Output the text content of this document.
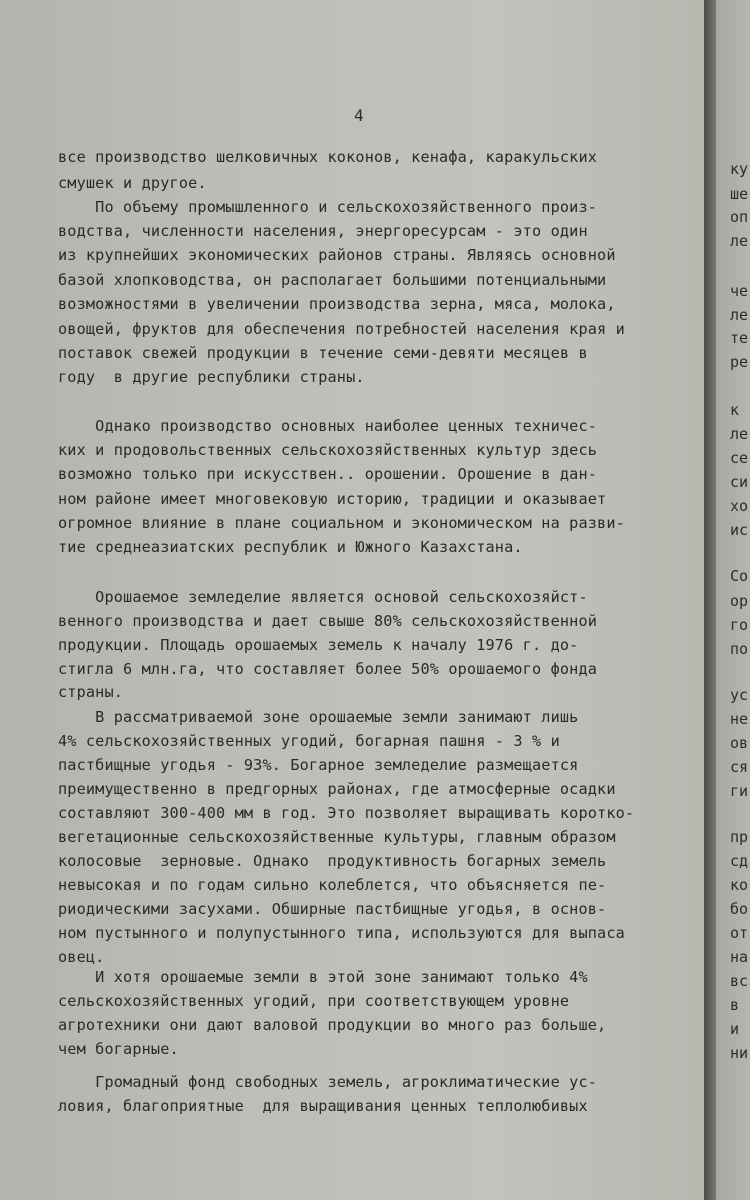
4
все производство шелковичных коконов, кенафа, каракульских
смушек и другое.
По объему промышленного и сельскохозяйственного произ-
водства, численности населения, энергоресурсам - это один
из крупнейших экономических районов страны. Являясь основной
базой хлопководства, он располагает большими потенциальными
возможностями в увеличении производства зерна, мяса, молока,
овощей, фруктов для обеспечения потребностей населения края и
поставок свежей продукции в течение семи-девяти месяцев в
году  в другие республики страны.
Однако производство основных наиболее ценных техничес-
ких и продовольственных сельскохозяйственных культур здесь
возможно только при искусствен.. орошении. Орошение в дан-
ном районе имеет многовековую историю, традиции и оказывает
огромное влияние в плане социальном и экономическом на разви-
тие среднеазиатских республик и Южного Казахстана.
Орошаемое земледелие является основой сельскохозяйст-
венного производства и дает свыше 80% сельскохозяйственной
продукции. Площадь орошаемых земель к началу 1976 г. до-
стигла 6 млн.га, что составляет более 50% орошаемого фонда
страны.
В рассматриваемой зоне орошаемые земли занимают лишь
4% сельскохозяйственных угодий, богарная пашня - 3 % и
пастбищные угодья - 93%. Богарное земледелие размещается
преимущественно в предгорных районах, где атмосферные осадки
составляют 300-400 мм в год. Это позволяет выращивать коротко-
вегетационные сельскохозяйственные культуры, главным образом
колосовые  зерновые. Однако  продуктивность богарных земель
невысокая и по годам сильно колеблется, что объясняется пе-
риодическими засухами. Обширные пастбищные угодья, в основ-
ном пустынного и полупустынного типа, используются для выпаса
овец.
И хотя орошаемые земли в этой зоне занимают только 4%
сельскохозяйственных угодий, при соответствующем уровне
агротехники они дают валовой продукции во много раз больше,
чем богарные.
Громадный фонд свободных земель, агроклиматические ус-
ловия, благоприятные  для выращивания ценных теплолюбивых
ку
ше
оп
ле
че
ле
те
ре
к
ле
се
си
хо
ис
Со
ор
го
по
ус
не
ов
ся
ги
пр
сд
ко
бо
от
на
вс
в
и
ни
